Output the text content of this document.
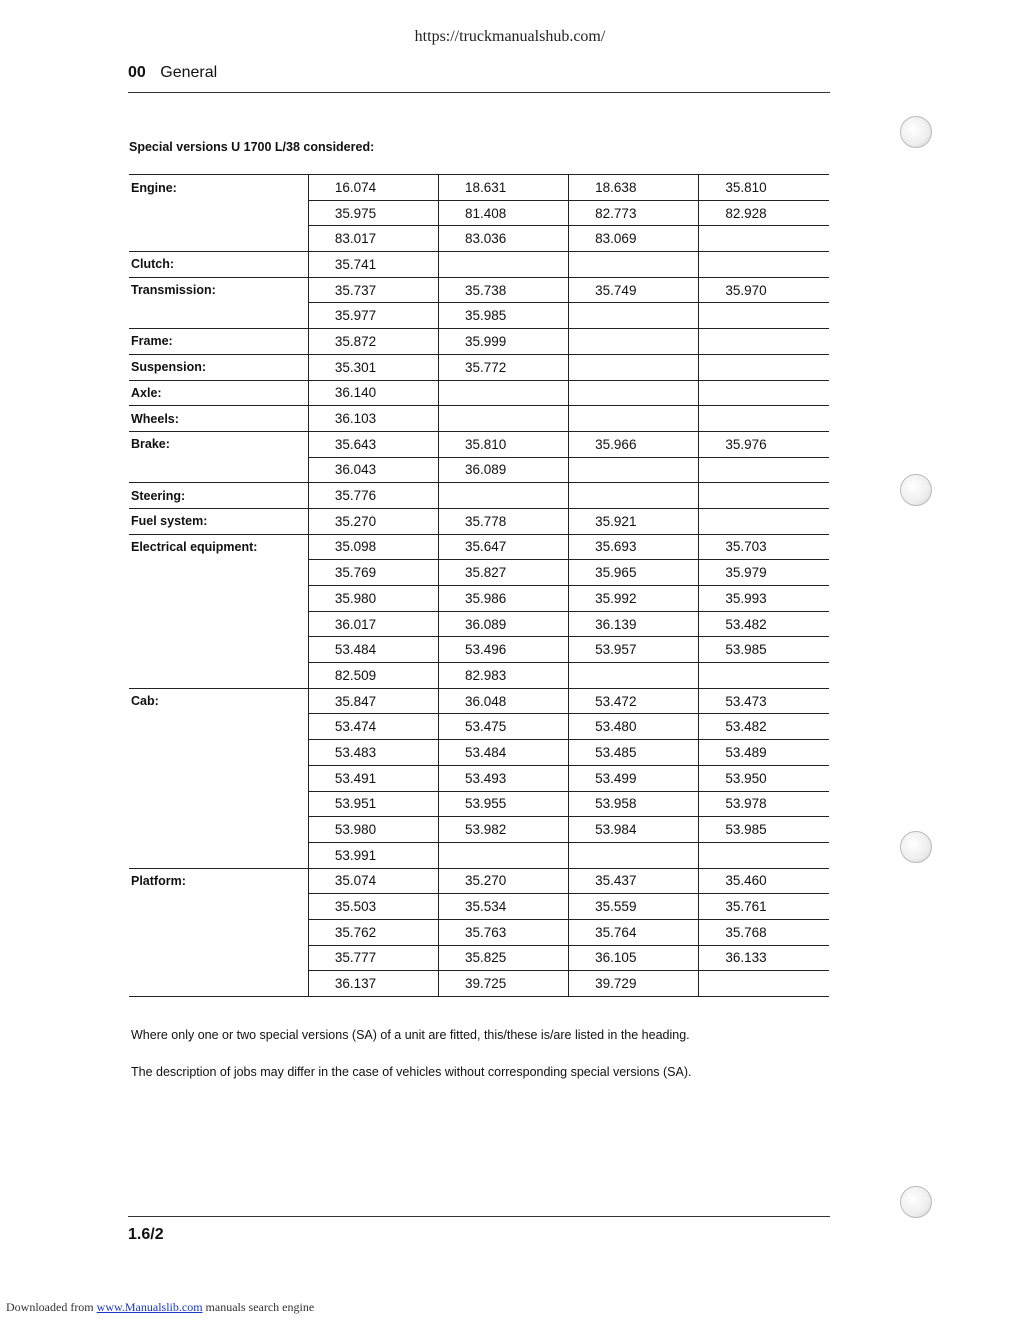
https://truckmanualshub.com/
00 General
Special versions U 1700 L/38 considered:
Engine:	16.074	18.631	18.638	35.810
	35.975	81.408	82.773	82.928
	83.017	83.036	83.069	
Clutch:	35.741			
Transmission:	35.737	35.738	35.749	35.970
	35.977	35.985		
Frame:	35.872	35.999		
Suspension:	35.301	35.772		
Axle:	36.140			
Wheels:	36.103			
Brake:	35.643	35.810	35.966	35.976
	36.043	36.089		
Steering:	35.776			
Fuel system:	35.270	35.778	35.921	
Electrical equipment:	35.098	35.647	35.693	35.703
	35.769	35.827	35.965	35.979
	35.980	35.986	35.992	35.993
	36.017	36.089	36.139	53.482
	53.484	53.496	53.957	53.985
	82.509	82.983		
Cab:	35.847	36.048	53.472	53.473
	53.474	53.475	53.480	53.482
	53.483	53.484	53.485	53.489
	53.491	53.493	53.499	53.950
	53.951	53.955	53.958	53.978
	53.980	53.982	53.984	53.985
	53.991			
Platform:	35.074	35.270	35.437	35.460
	35.503	35.534	35.559	35.761
	35.762	35.763	35.764	35.768
	35.777	35.825	36.105	36.133
	36.137	39.725	39.729	
Where only one or two special versions (SA) of a unit are fitted, this/these is/are listed in the heading.
The description of jobs may differ in the case of vehicles without corresponding special versions (SA).
1.6/2
Downloaded from www.Manualslib.com manuals search engine
